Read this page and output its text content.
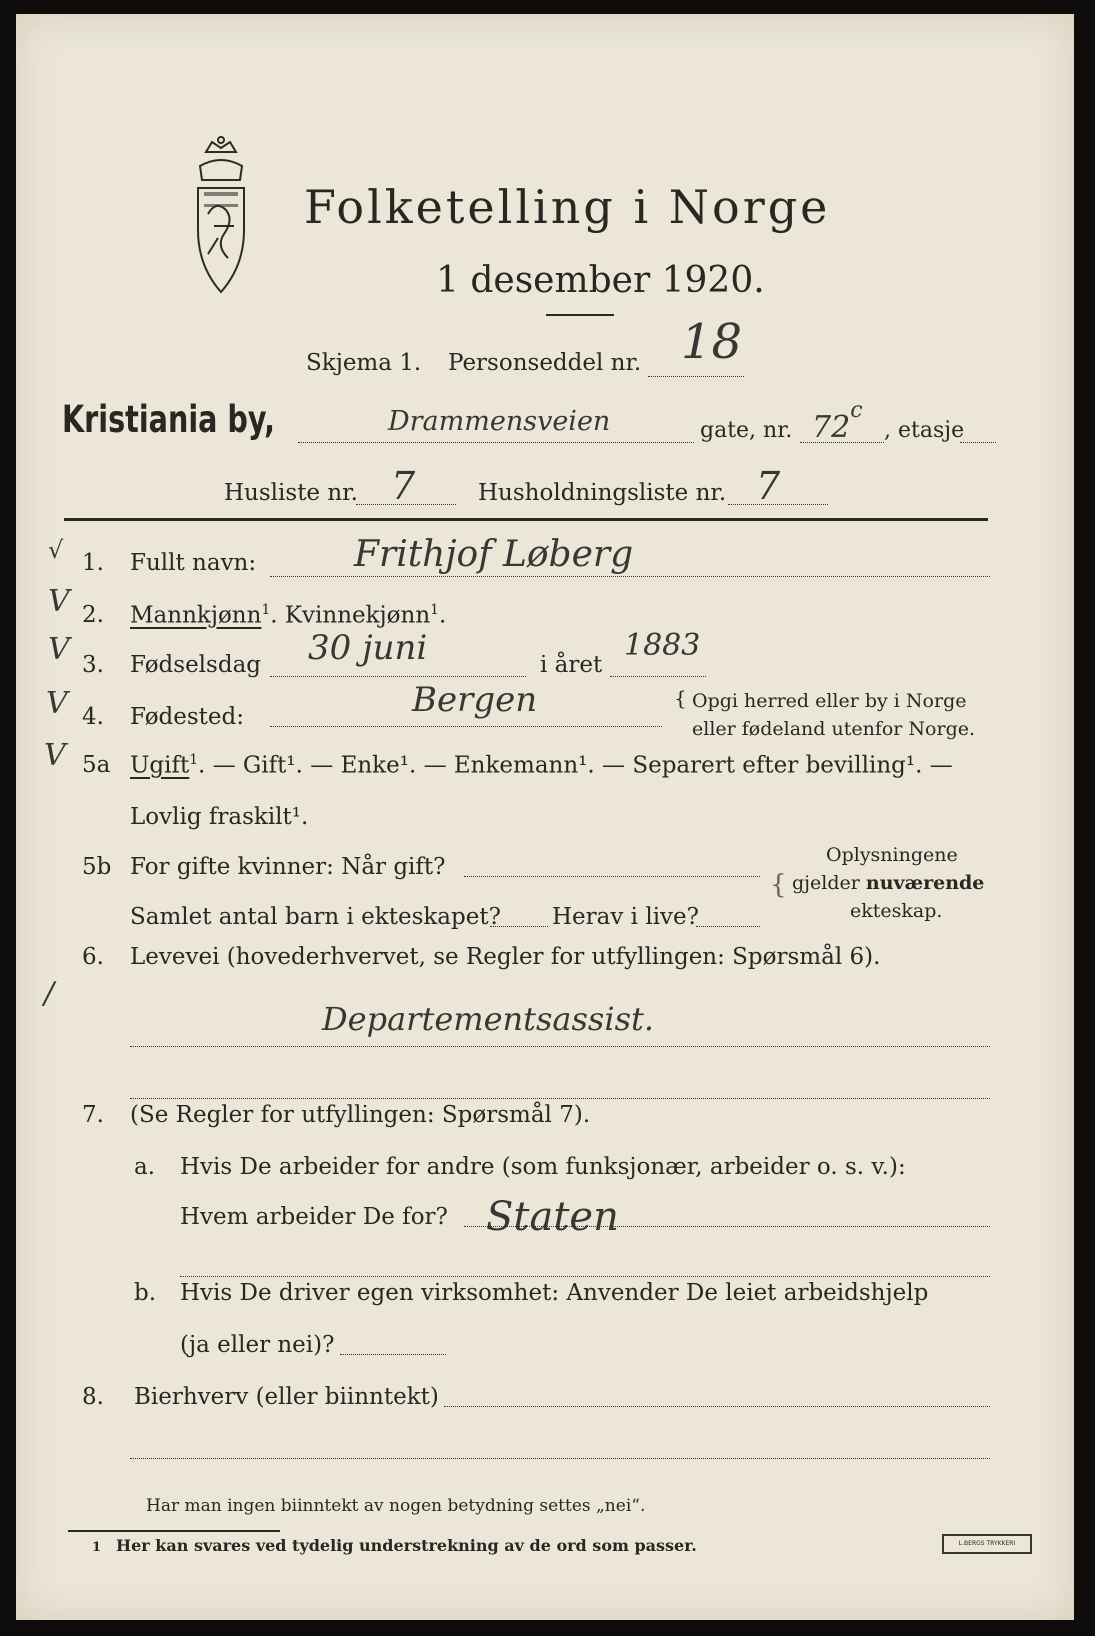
Folketelling i Norge
1 desember 1920.
Skjema 1. Personseddel nr. 18
Kristiania by,	Drammensveien	gate, nr. 72$^c$
, etasje
Husliste nr. 7	Husholdningsliste nr. 7
√
V
V
V
V
/
1. Fullt navn:	Frithjof Løberg
2. Mannkjønn$^1$. Kvinnekjønn$^1$.
3. Fødselsdag 30 juni	i året
1883
4. Fødested:	Bergen	{ Opgi herred eller by i Norge
eller fødeland utenfor Norge.
5a Ugift$^1$. — Gift¹. — Enke¹. — Enkemann¹. — Separert efter bevilling¹. —
Lovlig fraskilt¹.
5b For gifte kvinner: Når gift?
Samlet antal barn i ekteskapet? Herav i live?
{
Oplysningene
gjelder nuværende
ekteskap.
6. Levevei (hovederhvervet, se Regler for utfyllingen: Spørsmål 6).
Departementsassist.
7. (Se Regler for utfyllingen: Spørsmål 7).
a. Hvis De arbeider for andre (som funksjonær, arbeider o. s. v.):
Hvem arbeider De for? Staten
b. Hvis De driver egen virksomhet: Anvender De leiet arbeidshjelp
(ja eller nei)?
8. Bierhverv (eller biinntekt)
Har man ingen biinntekt av nogen betydning settes „nei“.
1 Her kan svares ved tydelig understrekning av de ord som passer.	L.BERGS TRYKKERI
